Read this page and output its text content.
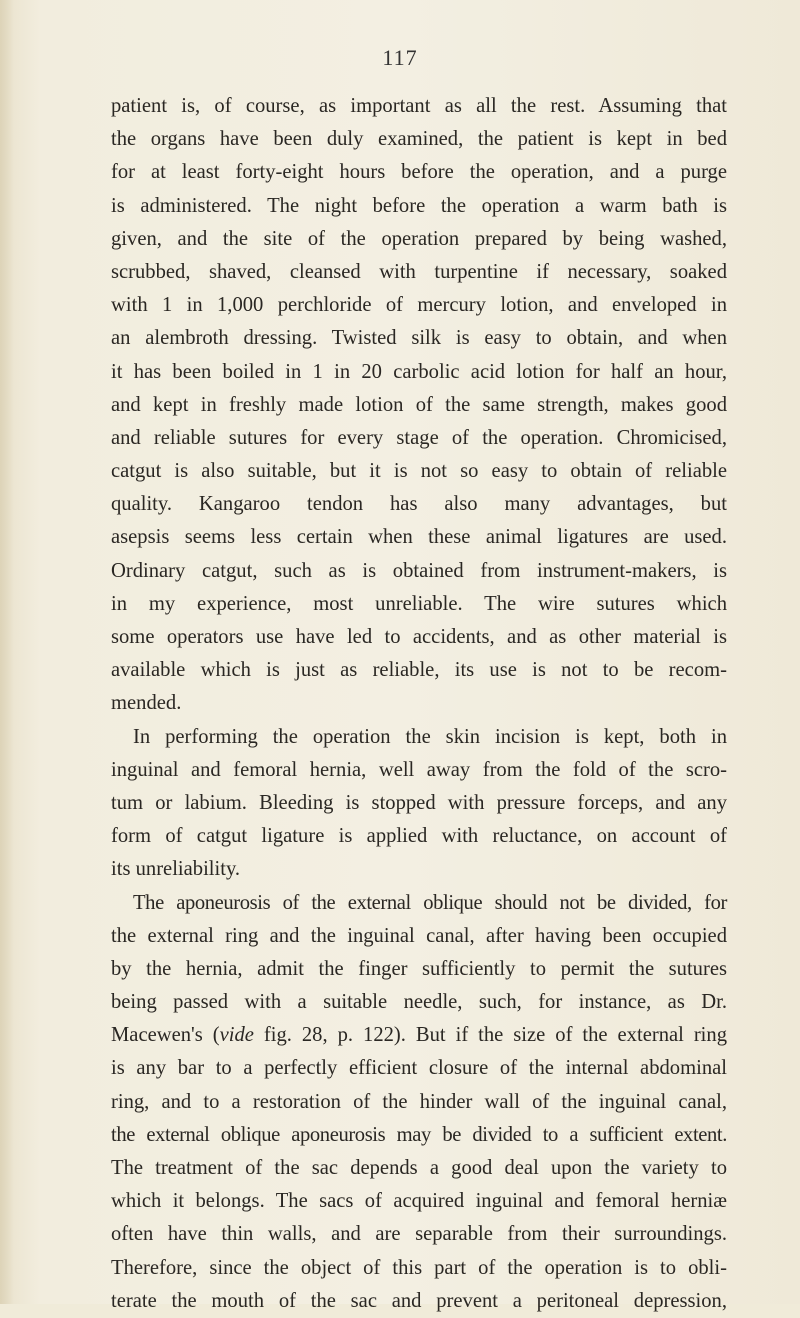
117
patient is, of course, as important as all the rest. Assuming that
the organs have been duly examined, the patient is kept in bed
for at least forty-eight hours before the operation, and a purge
is administered. The night before the operation a warm bath is
given, and the site of the operation prepared by being washed,
scrubbed, shaved, cleansed with turpentine if necessary, soaked
with 1 in 1,000 perchloride of mercury lotion, and enveloped in
an alembroth dressing. Twisted silk is easy to obtain, and when
it has been boiled in 1 in 20 carbolic acid lotion for half an hour,
and kept in freshly made lotion of the same strength, makes good
and reliable sutures for every stage of the operation. Chromicised,
catgut is also suitable, but it is not so easy to obtain of reliable
quality. Kangaroo tendon has also many advantages, but
asepsis seems less certain when these animal ligatures are used.
Ordinary catgut, such as is obtained from instrument-makers, is
in my experience, most unreliable. The wire sutures which
some operators use have led to accidents, and as other material is
available which is just as reliable, its use is not to be recom-
mended.
In performing the operation the skin incision is kept, both in
inguinal and femoral hernia, well away from the fold of the scro-
tum or labium. Bleeding is stopped with pressure forceps, and any
form of catgut ligature is applied with reluctance, on account of
its unreliability.
The aponeurosis of the external oblique should not be divided, for
the external ring and the inguinal canal, after having been occupied
by the hernia, admit the finger sufficiently to permit the sutures
being passed with a suitable needle, such, for instance, as Dr.
Macewen's (vide fig. 28, p. 122). But if the size of the external ring
is any bar to a perfectly efficient closure of the internal abdominal
ring, and to a restoration of the hinder wall of the inguinal canal,
the external oblique aponeurosis may be divided to a sufficient extent.
The treatment of the sac depends a good deal upon the variety to
which it belongs. The sacs of acquired inguinal and femoral herniæ
often have thin walls, and are separable from their surroundings.
Therefore, since the object of this part of the operation is to obli-
terate the mouth of the sac and prevent a peritoneal depression,
